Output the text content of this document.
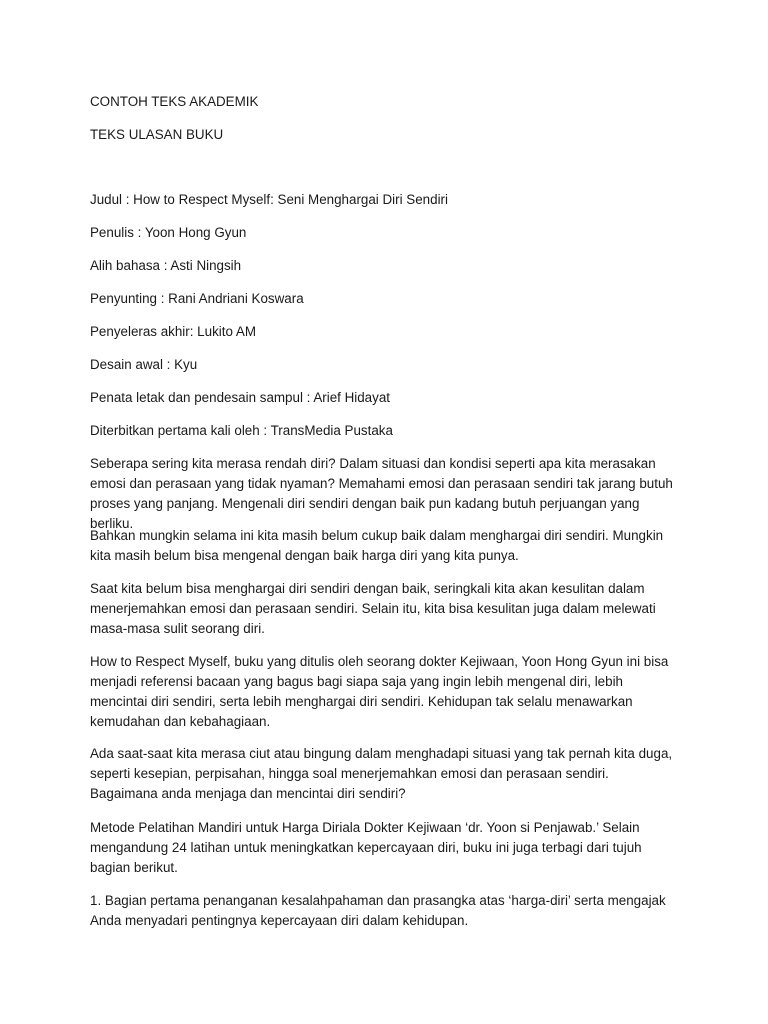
CONTOH TEKS AKADEMIK
TEKS ULASAN BUKU
Judul : How to Respect Myself: Seni Menghargai Diri Sendiri
Penulis : Yoon Hong Gyun
Alih bahasa : Asti Ningsih
Penyunting : Rani Andriani Koswara
Penyeleras akhir: Lukito AM
Desain awal : Kyu
Penata letak dan pendesain sampul : Arief Hidayat
Diterbitkan pertama kali oleh : TransMedia Pustaka
Seberapa sering kita merasa rendah diri? Dalam situasi dan kondisi seperti apa kita merasakan emosi dan perasaan yang tidak nyaman? Memahami emosi dan perasaan sendiri tak jarang butuh proses yang panjang. Mengenali diri sendiri dengan baik pun kadang butuh perjuangan yang berliku.
Bahkan mungkin selama ini kita masih belum cukup baik dalam menghargai diri sendiri. Mungkin kita masih belum bisa mengenal dengan baik harga diri yang kita punya.
Saat kita belum bisa menghargai diri sendiri dengan baik, seringkali kita akan kesulitan dalam menerjemahkan emosi dan perasaan sendiri. Selain itu, kita bisa kesulitan juga dalam melewati masa-masa sulit seorang diri.
How to Respect Myself, buku yang ditulis oleh seorang dokter Kejiwaan, Yoon Hong Gyun ini bisa menjadi referensi bacaan yang bagus bagi siapa saja yang ingin lebih mengenal diri, lebih mencintai diri sendiri, serta lebih menghargai diri sendiri. Kehidupan tak selalu menawarkan kemudahan dan kebahagiaan.
Ada saat-saat kita merasa ciut atau bingung dalam menghadapi situasi yang tak pernah kita duga, seperti kesepian, perpisahan, hingga soal menerjemahkan emosi dan perasaan sendiri. Bagaimana anda menjaga dan mencintai diri sendiri?
Metode Pelatihan Mandiri untuk Harga Diriala Dokter Kejiwaan ‘dr. Yoon si Penjawab.’ Selain mengandung 24 latihan untuk meningkatkan kepercayaan diri, buku ini juga terbagi dari tujuh bagian berikut.
1. Bagian pertama penanganan kesalahpahaman dan prasangka atas ‘harga-diri’ serta mengajak Anda menyadari pentingnya kepercayaan diri dalam kehidupan.
